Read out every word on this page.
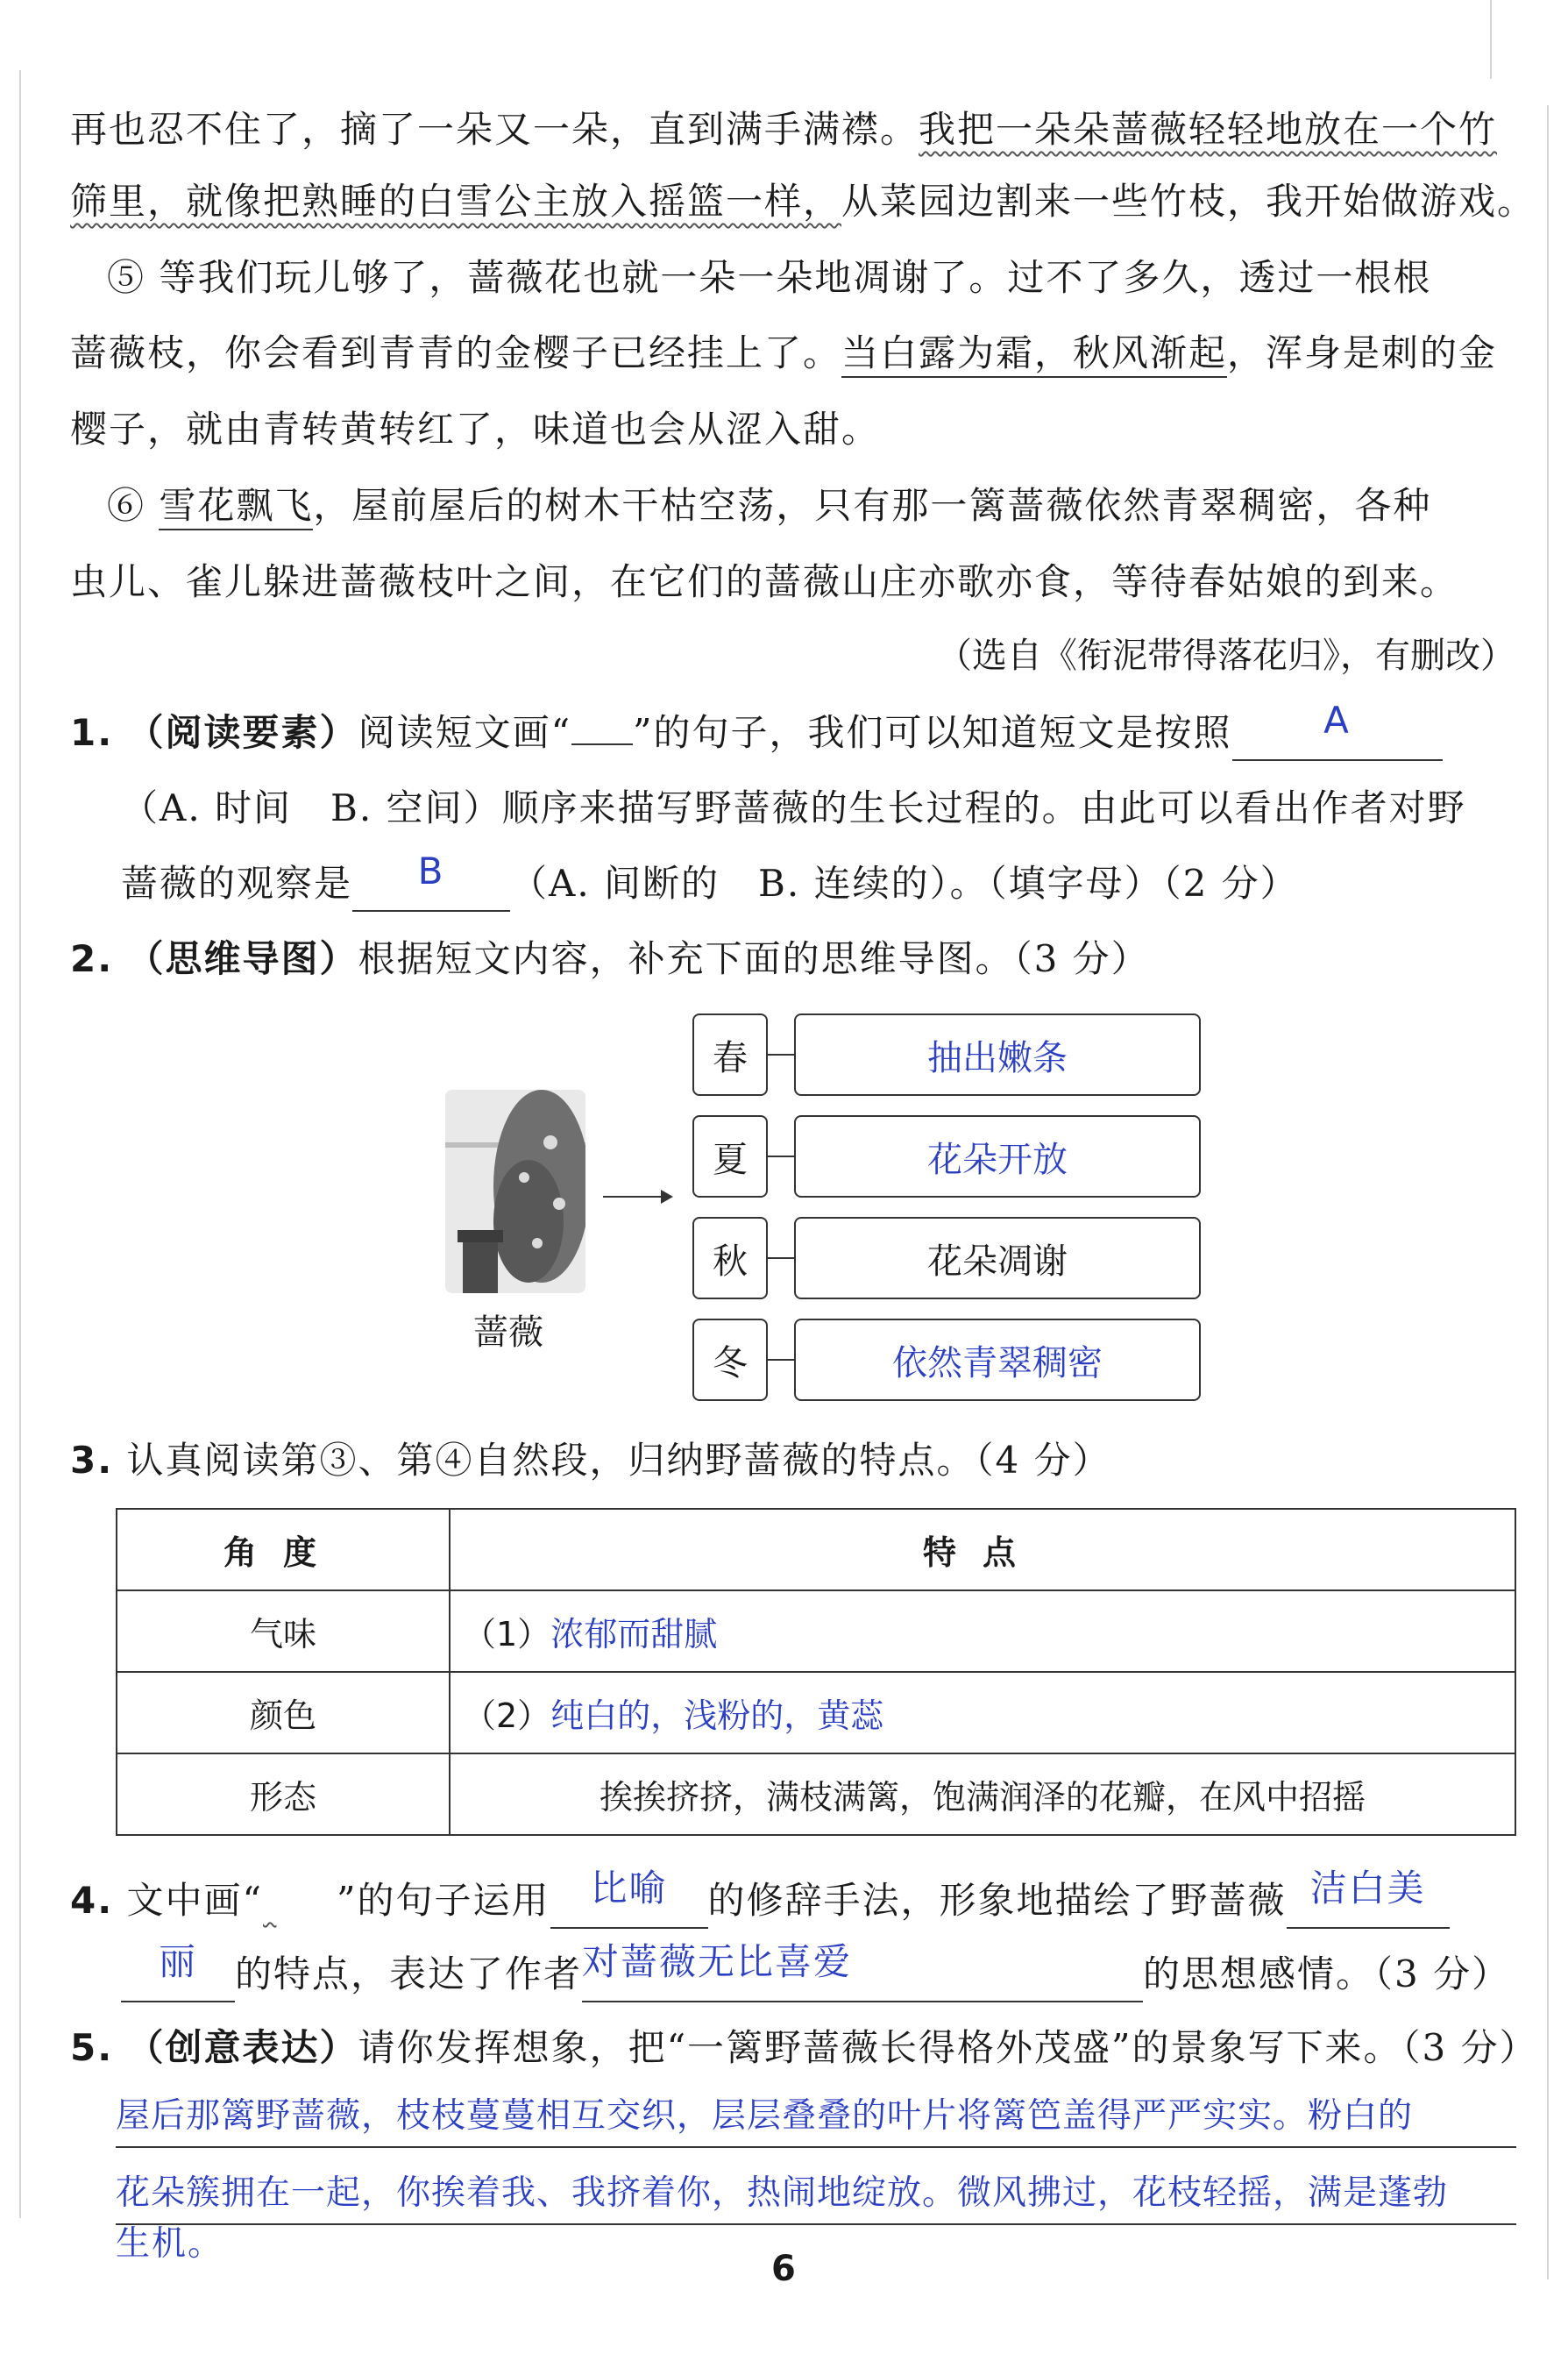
再也忍不住了，摘了一朵又一朵，直到满手满襟。我把一朵朵蔷薇轻轻地放在一个竹
筛里，就像把熟睡的白雪公主放入摇篮一样，从菜园边割来一些竹枝，我开始做游戏。
⑤ 等我们玩儿够了，蔷薇花也就一朵一朵地凋谢了。过不了多久，透过一根根
蔷薇枝，你会看到青青的金樱子已经挂上了。当白露为霜，秋风渐起，浑身是刺的金
樱子，就由青转黄转红了，味道也会从涩入甜。
⑥ 雪花飘飞，屋前屋后的树木干枯空荡，只有那一篱蔷薇依然青翠稠密，各种
虫儿、雀儿躲进蔷薇枝叶之间，在它们的蔷薇山庄亦歌亦食，等待春姑娘的到来。
（选自《衔泥带得落花归》，有删改）
1. （阅读要素）阅读短文画“ ”的句子，我们可以知道短文是按照 A
（A. 时间　B. 空间）顺序来描写野蔷薇的生长过程的。由此可以看出作者对野
蔷薇的观察是 B （A. 间断的　B. 连续的）。（填字母）（2 分）
2. （思维导图）根据短文内容，补充下面的思维导图。（3 分）
蔷薇
春	抽出嫩条
夏	花朵开放
秋	花朵凋谢
冬	依然青翠稠密
3. 认真阅读第③、第④自然段，归纳野蔷薇的特点。（4 分）
角度	特点
气味	（1）浓郁而甜腻
颜色	（2）纯白的，浅粉的，黄蕊
形态	挨挨挤挤，满枝满篱，饱满润泽的花瓣，在风中招摇
4. 文中画“ ”的句子运用 比喻 的修辞手法，形象地描绘了野蔷薇 洁白美
丽 的特点，表达了作者对蔷薇无比喜爱	的思想感情。（3 分）
5. （创意表达）请你发挥想象，把“一篱野蔷薇长得格外茂盛”的景象写下来。（3 分）
屋后那篱野蔷薇，枝枝蔓蔓相互交织，层层叠叠的叶片将篱笆盖得严严实实。粉白的
花朵簇拥在一起，你挨着我、我挤着你，热闹地绽放。微风拂过，花枝轻摇，满是蓬勃
生机。
6
